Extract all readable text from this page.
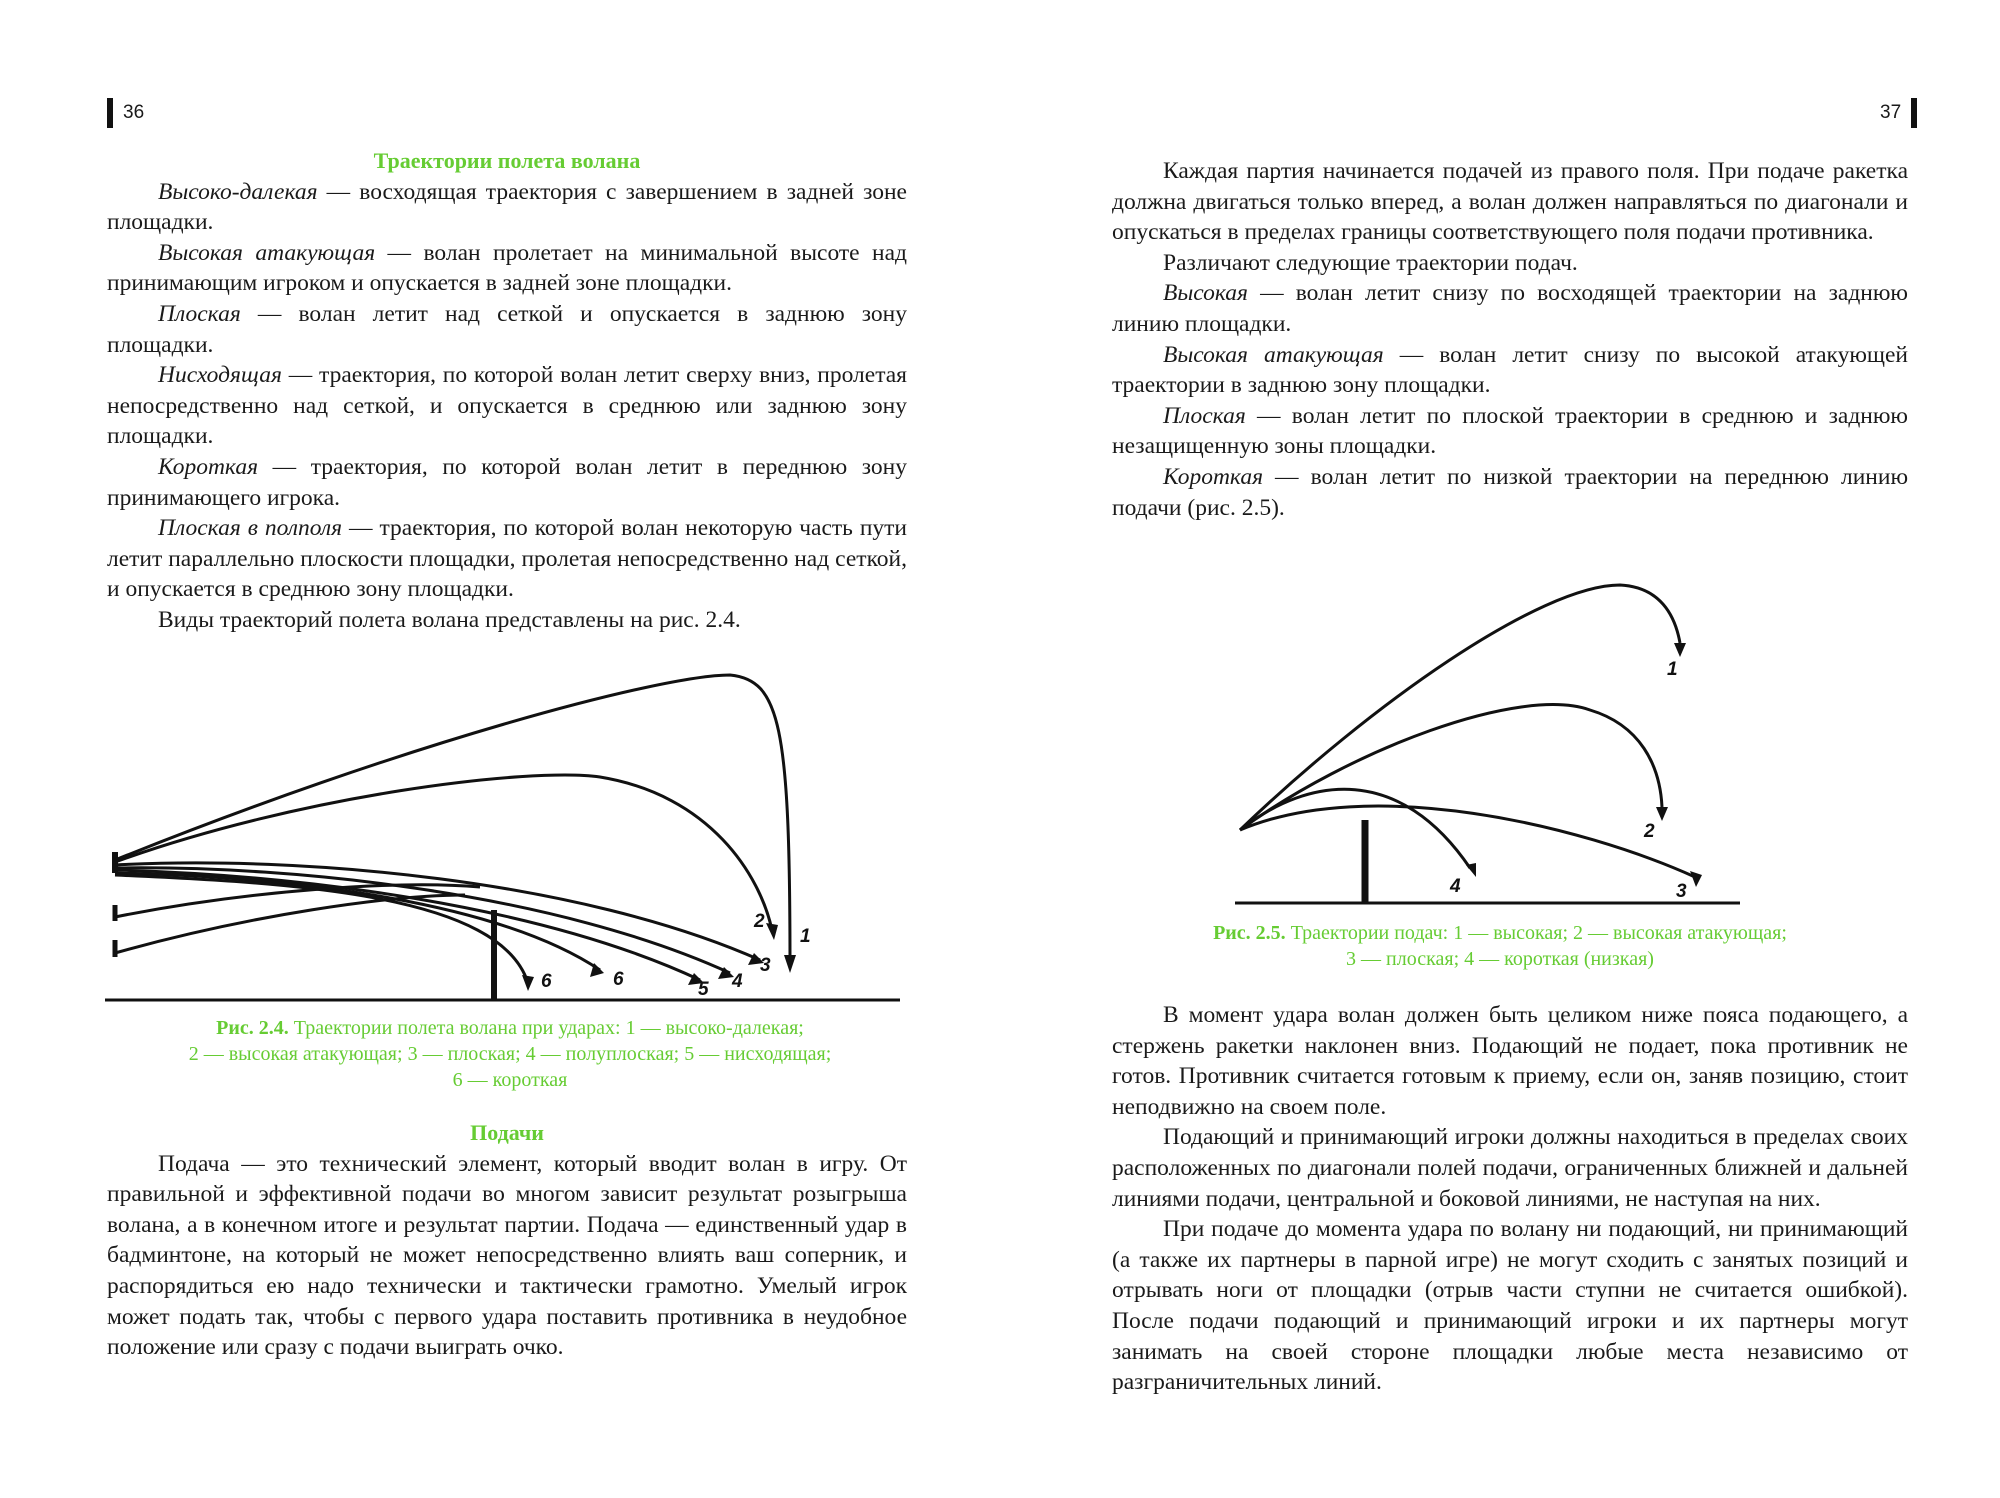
36

Траектории полета волана

Высоко-далекая — восходящая траектория с завершением в задней зоне площадки.

Высокая атакующая — волан пролетает на минимальной высоте над принимающим игроком и опускается в задней зоне площадки.

Плоская — волан летит над сеткой и опускается в заднюю зону площадки.

Нисходящая — траектория, по которой волан летит сверху вниз, пролетая непосредственно над сеткой, и опускается в среднюю или заднюю зону площадки.

Короткая — траектория, по которой волан летит в переднюю зону принимающего игрока.

Плоская в полполя — траектория, по которой волан некоторую часть пути летит параллельно плоскости площадки, пролетая непосредственно над сеткой, и опускается в среднюю зону площадки.

Виды траекторий полета волана представлены на рис. 2.4.

1
2
3
4
5
6
6
Рис. 2.4. Траектории полета волана при ударах: 1 — высоко-далекая;
2 — высокая атакующая; 3 — плоская; 4 — полуплоская; 5 — нисходящая;
6 — короткая

Подачи

Подача — это технический элемент, который вводит волан в игру. От правильной и эффективной подачи во многом зависит результат розыгрыша волана, а в конечном итоге и результат партии. Подача — единственный удар в бадминтоне, на который не может непосредственно влиять ваш соперник, и распорядиться ею надо технически и тактически грамотно. Умелый игрок может подать так, чтобы с первого удара поставить противника в неудобное положение или сразу с подачи выиграть очко.

37

Каждая партия начинается подачей из правого поля. При подаче ракетка должна двигаться только вперед, а волан должен направляться по диагонали и опускаться в пределах границы соответствующего поля подачи противника.

Различают следующие траектории подач.

Высокая — волан летит снизу по восходящей траектории на заднюю линию площадки.

Высокая атакующая — волан летит снизу по высокой атакующей траектории в заднюю зону площадки.

Плоская — волан летит по плоской траектории в среднюю и заднюю незащищенную зоны площадки.

Короткая — волан летит по низкой траектории на переднюю линию подачи (рис. 2.5).

1
2
3
4
Рис. 2.5. Траектории подач: 1 — высокая; 2 — высокая атакующая;
3 — плоская; 4 — короткая (низкая)

В момент удара волан должен быть целиком ниже пояса подающего, а стержень ракетки наклонен вниз. Подающий не подает, пока противник не готов. Противник считается готовым к приему, если он, заняв позицию, стоит неподвижно на своем поле.

Подающий и принимающий игроки должны находиться в пределах своих расположенных по диагонали полей подачи, ограниченных ближней и дальней линиями подачи, центральной и боковой линиями, не наступая на них.

При подаче до момента удара по волану ни подающий, ни принимающий (а также их партнеры в парной игре) не могут сходить с занятых позиций и отрывать ноги от площадки (отрыв части ступни не считается ошибкой). После подачи подающий и принимающий игроки и их партнеры могут занимать на своей стороне площадки любые места независимо от разграничительных линий.
